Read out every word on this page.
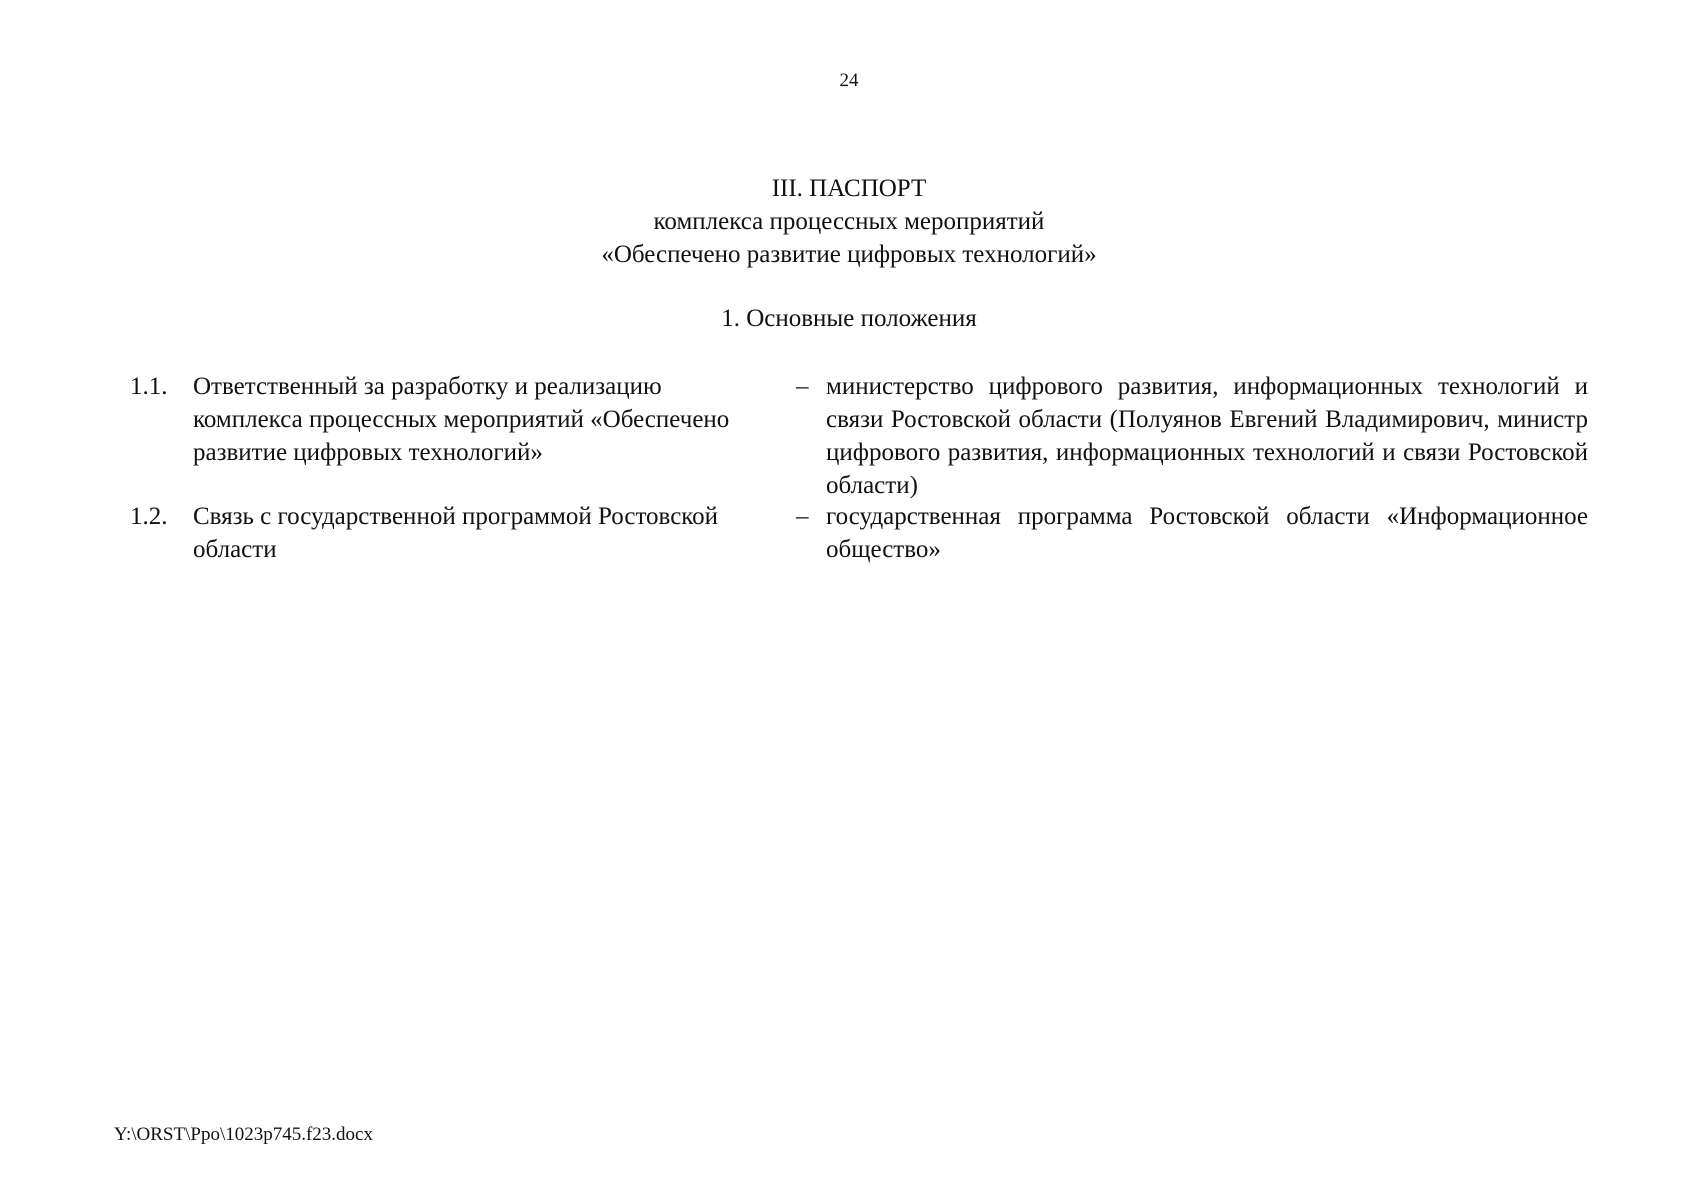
24
III. ПАСПОРТ
комплекса процессных мероприятий
«Обеспечено развитие цифровых технологий»
1. Основные положения
1.1. Ответственный за разработку и реализацию комплекса процессных мероприятий «Обеспечено развитие цифровых технологий»
– министерство цифрового развития, информационных технологий и связи Ростовской области (Полуянов Евгений Владимирович, министр цифрового развития, информационных технологий и связи Ростовской области)
1.2. Связь с государственной программой Ростовской области
– государственная программа Ростовской области «Информационное общество»
Y:\ORST\Ppo\1023p745.f23.docx
